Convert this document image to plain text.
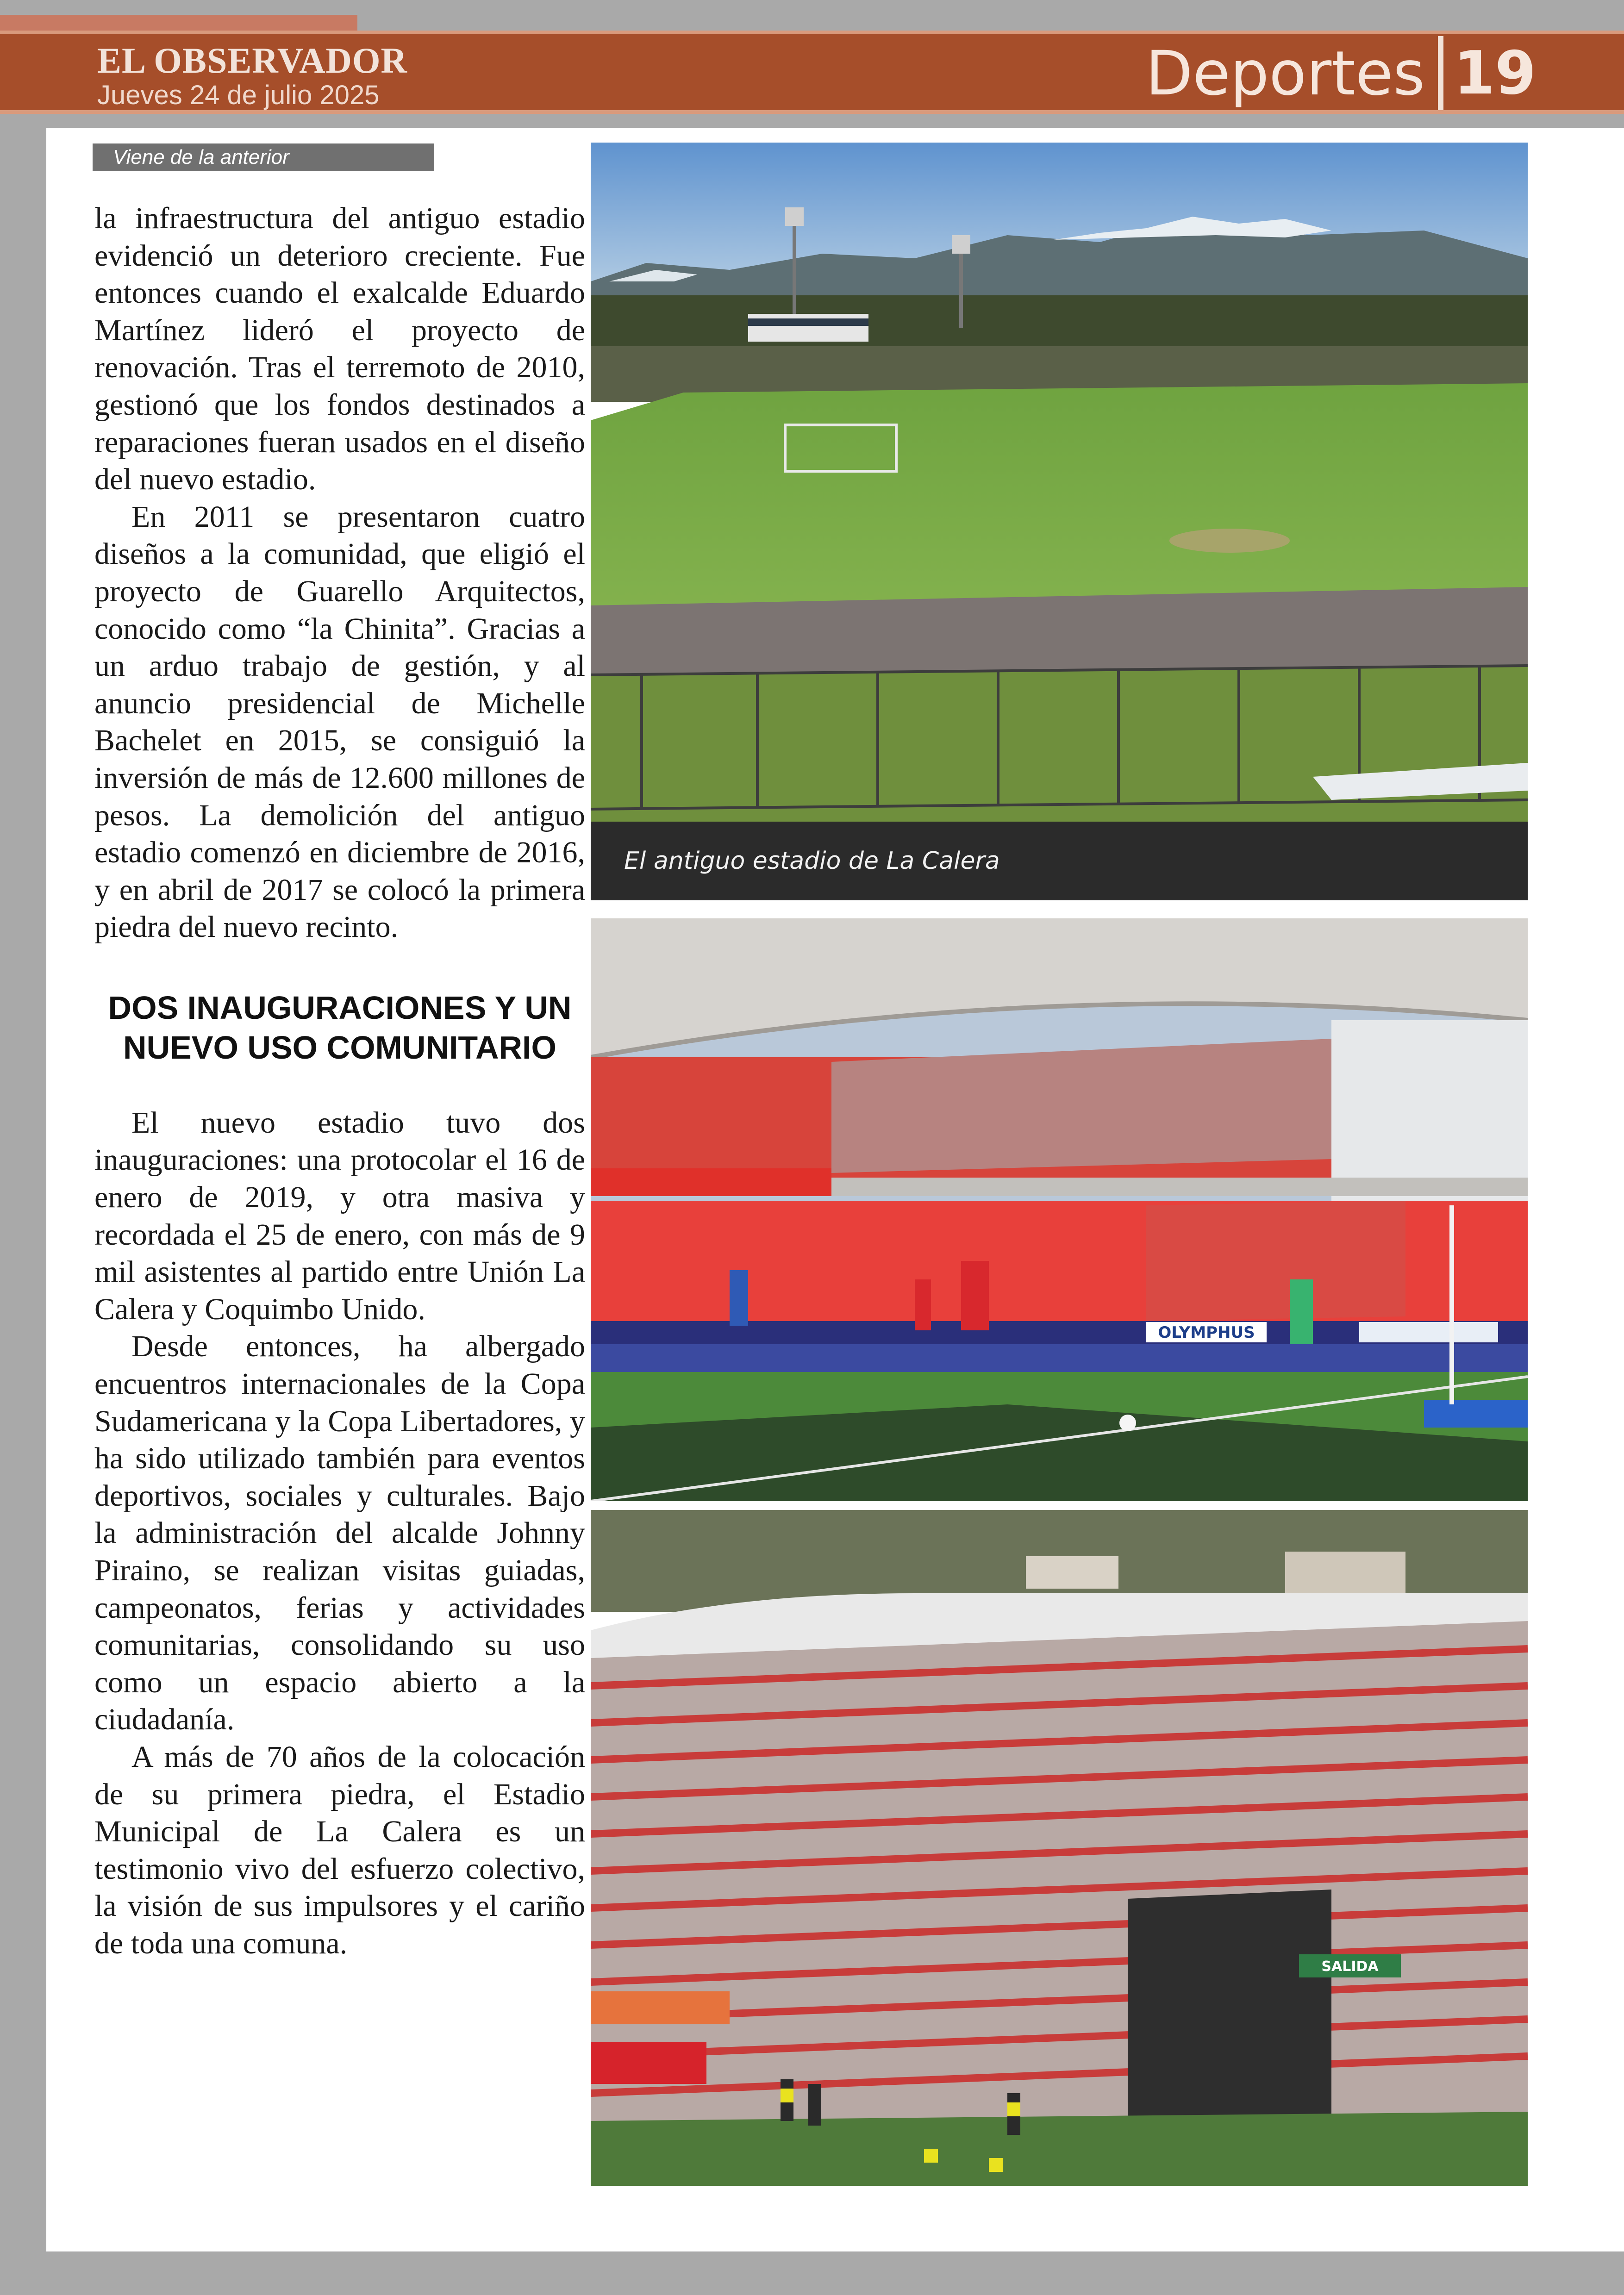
EL OBSERVADOR
Jueves 24 de julio 2025	Deportes 19
Viene de la anterior

la infraestructura del antiguo estadio evidenció un deterioro creciente. Fue entonces cuando el exalcalde Eduardo Martínez lideró el proyecto de renovación. Tras el terremoto de 2010, gestionó que los fondos destinados a reparaciones fueran usados en el diseño del nuevo estadio.

En 2011 se presentaron cuatro diseños a la comunidad, que eligió el proyecto de Guarello Arquitectos, conocido como “la Chinita”. Gracias a un arduo trabajo de gestión, y al anuncio presidencial de Michelle Bachelet en 2015, se consiguió la inversión de más de 12.600 millones de pesos. La demolición del antiguo estadio comenzó en diciembre de 2016, y en abril de 2017 se colocó la primera piedra del nuevo recinto.

DOS INAUGURACIONES Y UN NUEVO USO COMUNITARIO

El nuevo estadio tuvo dos inauguraciones: una protocolar el 16 de enero de 2019, y otra masiva y recordada el 25 de enero, con más de 9 mil asistentes al partido entre Unión La Calera y Coquimbo Unido.

Desde entonces, ha albergado encuentros internacionales de la Copa Sudamericana y la Copa Libertadores, y ha sido utilizado también para eventos deportivos, sociales y culturales. Bajo la administración del alcalde Johnny Piraino, se realizan visitas guiadas, campeonatos, ferias y actividades comunitarias, consolidando su uso como un espacio abierto a la ciudadanía.

A más de 70 años de la colocación de su primera piedra, el Estadio Municipal de La Calera es un testimonio vivo del esfuerzo colectivo, la visión de sus impulsores y el cariño de toda una comuna.

El antiguo estadio de La Calera
OLYMPHUS
SALIDA
